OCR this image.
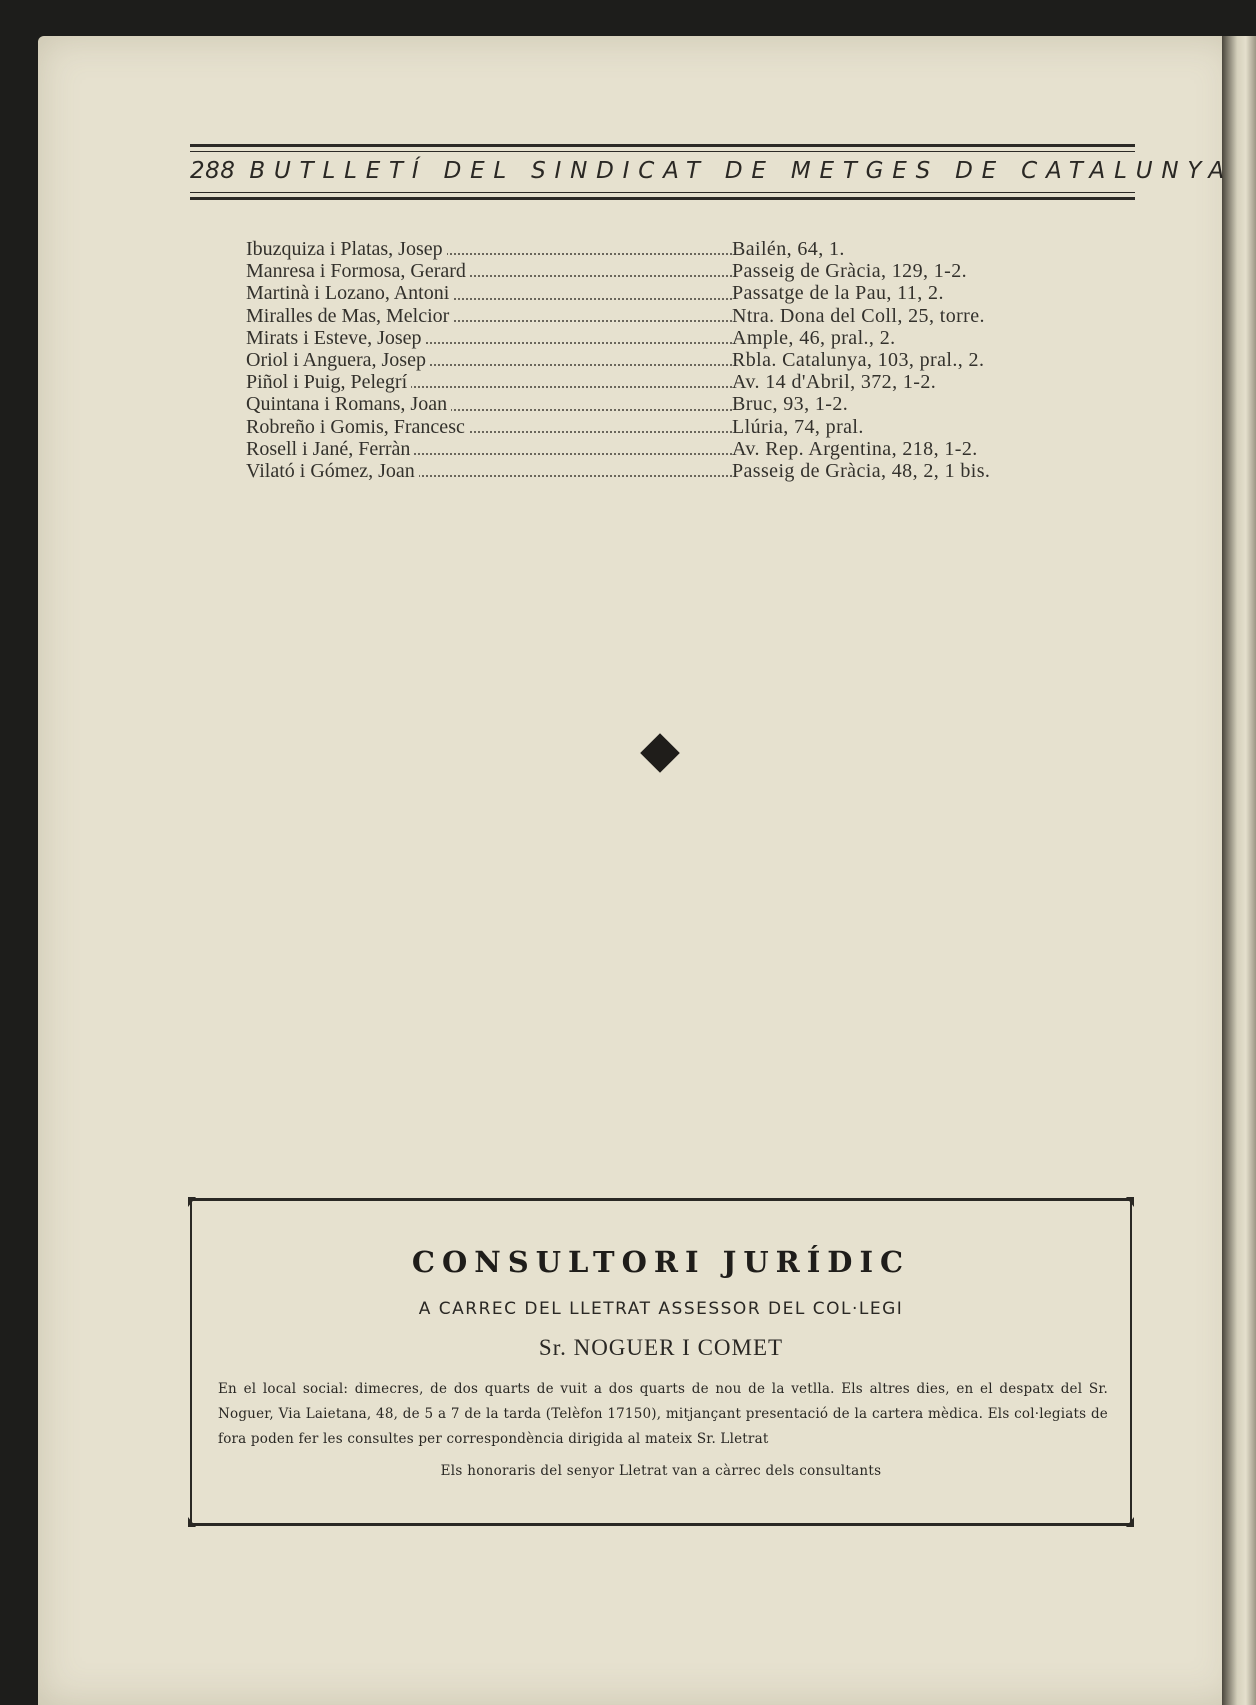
288 BUTLLETÍ DEL SINDICAT DE METGES DE CATALUNYA
Ibuzquiza i Platas, Josep	Bailén, 64, 1.
Manresa i Formosa, Gerard	Passeig de Gràcia, 129, 1-2.
Martinà i Lozano, Antoni	Passatge de la Pau, 11, 2.
Miralles de Mas, Melcior	Ntra. Dona del Coll, 25, torre.
Mirats i Esteve, Josep	Ample, 46, pral., 2.
Oriol i Anguera, Josep	Rbla. Catalunya, 103, pral., 2.
Piñol i Puig, Pelegrí	Av. 14 d'Abril, 372, 1-2.
Quintana i Romans, Joan	Bruc, 93, 1-2.
Robreño i Gomis, Francesc	Llúria, 74, pral.
Rosell i Jané, Ferràn	Av. Rep. Argentina, 218, 1-2.
Vilató i Gómez, Joan	Passeig de Gràcia, 48, 2, 1 bis.
CONSULTORI JURÍDIC
A CARREC DEL LLETRAT ASSESSOR DEL COL·LEGI
Sr. NOGUER I COMET
En el local social: dimecres, de dos quarts de vuit a dos quarts de nou de la vetlla. Els altres dies, en el despatx del Sr. Noguer, Via Laietana, 48, de 5 a 7 de la tarda (Telèfon 17150), mitjançant presentació de la cartera mèdica. Els col·legiats de fora poden fer les consultes per correspondència dirigida al mateix Sr. Lletrat
Els honoraris del senyor Lletrat van a càrrec dels consultants
